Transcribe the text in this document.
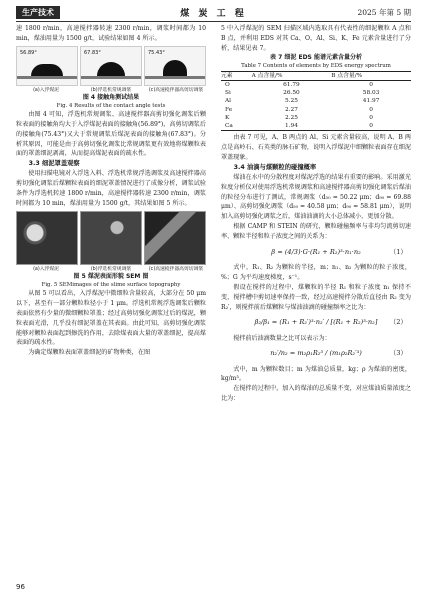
生产技术	煤 炭 工 程	2025 年第 5 期

速 1800 r/min，高速搅拌器转速 2300 r/min，调浆时间都为 10 min，煤油用量为 1500 g/t，试验结果如图 4 所示。

56.89°	67.83°	75.43°
(a)入浮煤泥	(b)浮选机常规调浆	(c)高速搅拌器高剪切调浆
图 4 接触角测试结果
Fig. 4 Results of the contact angle tests

由图 4 可知，浮选机常规调浆、高速搅拌器高剪切强化调浆后颗粒表面的接触角均大于入浮煤泥表面的接触角(56.89°)，高剪切调浆后的接触角(75.43°)又大于常规调浆后煤泥表面的接触角(67.83°)。分析其原因，可能是由于高剪切强化调浆比常规调浆更有效地将煤颗粒表面的罩盖细泥剥离，从而提高煤泥表面的疏水性。

3.3 细泥罩盖观察

使用扫描电镜对入浮选入料、浮选机常规浮选调浆及高速搅拌器高剪切强化调浆后煤颗粒表面的细泥罩盖情况进行了成像分析，调浆试验条件为浮选机转速 1800 r/min，高速搅拌器转速 2300 r/min，调浆时间都为 10 min，煤油用量为 1500 g/t，其结果如图 5 所示。

(a)入浮煤泥	(b)浮选机常规调浆	(c)高速搅拌器高剪切调浆
图 5 煤泥表面形貌 SEM 图
Fig. 5 SEMimages of the slime surface topography

从图 5 可以看出，入浮煤泥中微细粒含量较高，大部分在 50 μm 以下，甚至有一部分颗粒粒径小于 1 μm。浮选机常规浮选调浆后颗粒表面依然有少量的微细颗粒罩盖；经过高剪切强化调浆过后的煤泥，颗粒表面光滑，几乎没有细泥罩盖在其表面。由此可知，高剪切强化调浆能够对颗粒表面起到擦洗的作用，去除煤表面大量的罩盖细泥，提高煤表面的疏水性。

为确定煤颗粒表面罩盖细泥的矿物种类，在图

5 中入浮煤泥的 SEM 扫描区域内选取具有代表性的细泥颗粒 A 点和 B 点，并利用 EDS 对其 Ca、O、Al、Si、K、Fe 元素含量进行了分析，结果见表 7。

表 7 细泥 EDS 能谱元素含量分析
Table 7 Contents of elements by EDS energy spectrum
元素	A 点含量/%	B 点含量/%
O	61.79	0
Si	26.50	58.03
Al	5.25	41.97
Fe	2.27	0
K	2.25	0
Ca	1.94	0

由表 7 可见，A、B 两点的 Al、Si 元素含量较高，说明 A、B 两点是高岭石、石英类的脉石矿物，说明入浮煤泥中细颗粒表面存在细泥罩盖现象。

3.4 油滴与煤颗粒的碰撞概率

煤油在水中的分散程度对煤泥浮选的结果有重要的影响。采用激光粒度分析仪对使用浮选机常规调浆和高速搅拌器高剪切强化调浆后煤油的粒径分布进行了测试，常规调浆（d₅₀ = 50.22 μm；d₉₀ = 69.88 μm）、高剪切强化调浆（d₅₀ = 40.58 μm；d₉₀ = 58.81 μm），说明加入高剪切强化调浆之后，煤油油滴的大小总体减小，更加分散。

根据 CAMP 和 STEIN 的研究，颗粒碰撞频率与非均匀流剪切速率、颗粒半径和粒子浓度之间的关系为：

β = (4/3)·G·(R₁ + R₂)³·n₁·n₂	（1）

式中，R₁、R₂ 为颗粒的半径，m；n₁、n₂ 为颗粒的粒子浓度，%；G 为平均速度梯度，s⁻¹。

假设在搅拌的过程中，煤颗粒的半径 R₁ 和粒子浓度 n₁ 保持不变，搅拌槽中剪切速率保持一致，经过高速搅拌分散后直径由 R₂ 变为 R₂′，则搅拌前后煤颗粒与煤油油滴的碰撞频率之比为：

β₂/β₁ = (R₁ + R₂′)³·n₂′ / [(R₁ + R₂)³·n₂] （2）

搅拌前后油滴数量之比可以表示为：

n₂′/n₂ = m₂ρ₁R₂³ / (m₁ρ₂R₂′³)	（3）

式中，m 为颗粒数目；m 为煤油总质量，kg；ρ 为煤油的密度，kg/m³。

在搅拌的过程中，加入的煤油的总质量不变，对应煤油质量浓度之比为：

96
